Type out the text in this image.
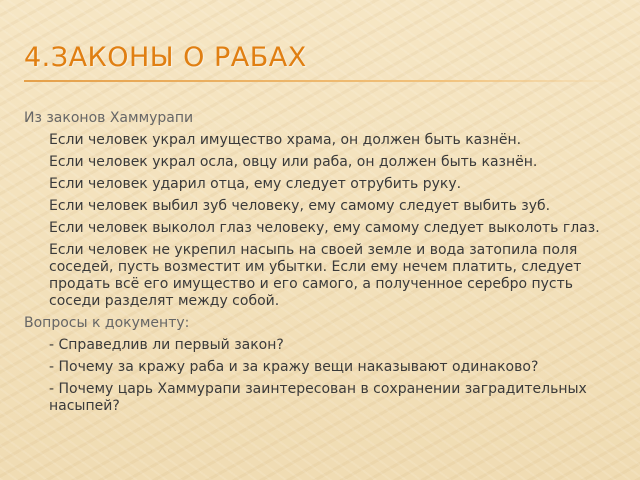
4.ЗАКОНЫ О РАБАХ
Из законов Хаммурапи
Если человек украл имущество храма, он должен быть казнён.
Если человек украл осла, овцу или раба, он должен быть казнён.
Если человек ударил отца, ему следует отрубить руку.
Если человек выбил зуб человеку, ему самому следует выбить зуб.
Если человек выколол глаз человеку, ему самому следует выколоть глаз.
Если человек не укрепил насыпь на своей земле и вода затопила поля соседей, пусть возместит им убытки. Если ему нечем платить, следует продать всё его имущество и его самого, а полученное серебро пусть соседи разделят между собой.
Вопросы к документу:
- Справедлив ли первый закон?
- Почему за кражу раба и за кражу вещи наказывают одинаково?
- Почему царь Хаммурапи заинтересован в сохранении заградительных насыпей?
